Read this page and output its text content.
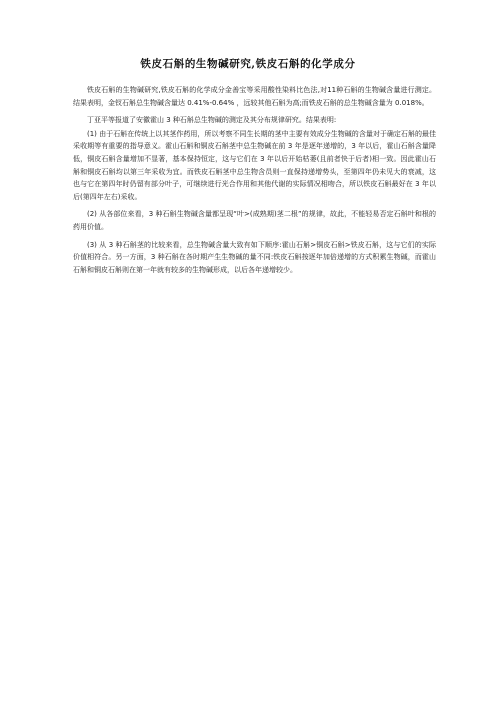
铁皮石斛的生物碱研究,铁皮石斛的化学成分

铁皮石斛的生物碱研究,铁皮石斛的化学成分金善宝等采用酸性染料比色法,对11种石斛的生物碱含量进行测定。结果表明，金钗石斛总生物碱含量达 0.41%-0.64% ，远较其他石斛为高;而铁皮石斛的总生物碱含量为 0.018%。

丁亚平等报道了安徽霍山 3 种石斛总生物碱的测定及其分布规律研究。结果表明:

(1) 由于石斛在传统上以其茎作药用，所以考察不同生长期的茎中主要有效成分生物碱的含量对于确定石斛的最佳采收期等有重要的指导意义。霍山石斛和铜皮石斛茎中总生物碱在前 3 年是逐年递增的，3 年以后，霍山石斛含量降低，铜皮石斛含量增加不显著，基本保持恒定，这与它们在 3 年以后开始枯萎(且前者快于后者)相一致。因此霍山石斛和铜皮石斛均以第三年采收为宜。而铁皮石斛茎中总生物含员则一直保持递增势头，至第四年仍未见大的衰减，这也与它在第四年时仍留有部分叶子，可继续进行光合作用和其他代谢的实际情况相吻合，所以铁皮石斛最好在 3 年以后(第四年左右)采收。

(2) 从各部位来看，3 种石斛生物碱含量都呈现“叶>(成熟期)茎二根”的规律，故此，不能轻易否定石斛叶和根的药用价值。

(3) 从 3 种石斛茎的比较来看，总生物碱含量大致有如下顺序:霍山石斛>铜皮石斛>铁皮石斛，这与它们的实际价值相符合。另一方面，3 种石斛在各时期产生生物碱的量不同:铁皮石斛按逐年加倍递增的方式积累生物碱，而霍山石斛和铜皮石斛则在第一年就有较多的生物碱形成，以后各年递增较少。
